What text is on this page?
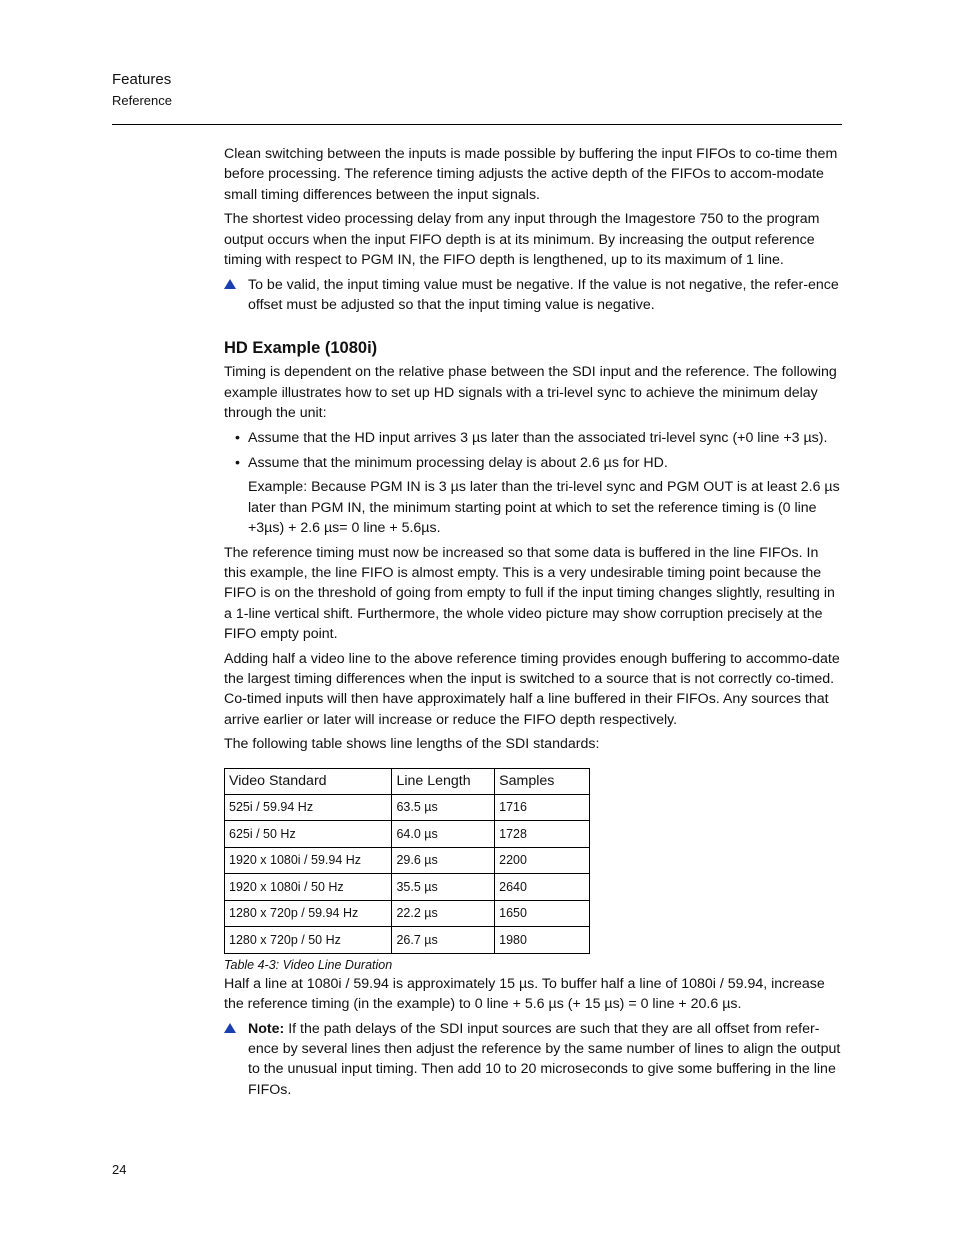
Features
Reference

Clean switching between the inputs is made possible by buffering the input FIFOs to co-time them before processing. The reference timing adjusts the active depth of the FIFOs to accom-modate small timing differences between the input signals.

The shortest video processing delay from any input through the Imagestore 750 to the program output occurs when the input FIFO depth is at its minimum. By increasing the output reference timing with respect to PGM IN, the FIFO depth is lengthened, up to its maximum of 1 line.

To be valid, the input timing value must be negative. If the value is not negative, the refer-ence offset must be adjusted so that the input timing value is negative.
HD Example (1080i)

Timing is dependent on the relative phase between the SDI input and the reference. The following example illustrates how to set up HD signals with a tri-level sync to achieve the minimum delay through the unit:

• Assume that the HD input arrives 3 µs later than the associated tri-level sync (+0 line +3 µs).
• Assume that the minimum processing delay is about 2.6 µs for HD.

Example: Because PGM IN is 3 µs later than the tri-level sync and PGM OUT is at least 2.6 µs later than PGM IN, the minimum starting point at which to set the reference timing is (0 line +3µs) + 2.6 µs= 0 line + 5.6µs.

The reference timing must now be increased so that some data is buffered in the line FIFOs. In this example, the line FIFO is almost empty. This is a very undesirable timing point because the FIFO is on the threshold of going from empty to full if the input timing changes slightly, resulting in a 1-line vertical shift. Furthermore, the whole video picture may show corruption precisely at the FIFO empty point.

Adding half a video line to the above reference timing provides enough buffering to accommo-date the largest timing differences when the input is switched to a source that is not correctly co-timed. Co-timed inputs will then have approximately half a line buffered in their FIFOs. Any sources that arrive earlier or later will increase or reduce the FIFO depth respectively.

The following table shows line lengths of the SDI standards:

Video Standard	Line Length	Samples
525i / 59.94 Hz	63.5 µs	1716
625i / 50 Hz	64.0 µs	1728
1920 x 1080i / 59.94 Hz	29.6 µs	2200
1920 x 1080i / 50 Hz	35.5 µs	2640
1280 x 720p / 59.94 Hz	22.2 µs	1650
1280 x 720p / 50 Hz	26.7 µs	1980
Table 4-3: Video Line Duration

Half a line at 1080i / 59.94 is approximately 15 µs. To buffer half a line of 1080i / 59.94, increase the reference timing (in the example) to 0 line + 5.6 µs (+ 15 µs) = 0 line + 20.6 µs.

Note: If the path delays of the SDI input sources are such that they are all offset from refer-ence by several lines then adjust the reference by the same number of lines to align the output to the unusual input timing. Then add 10 to 20 microseconds to give some buffering in the line FIFOs.
24
